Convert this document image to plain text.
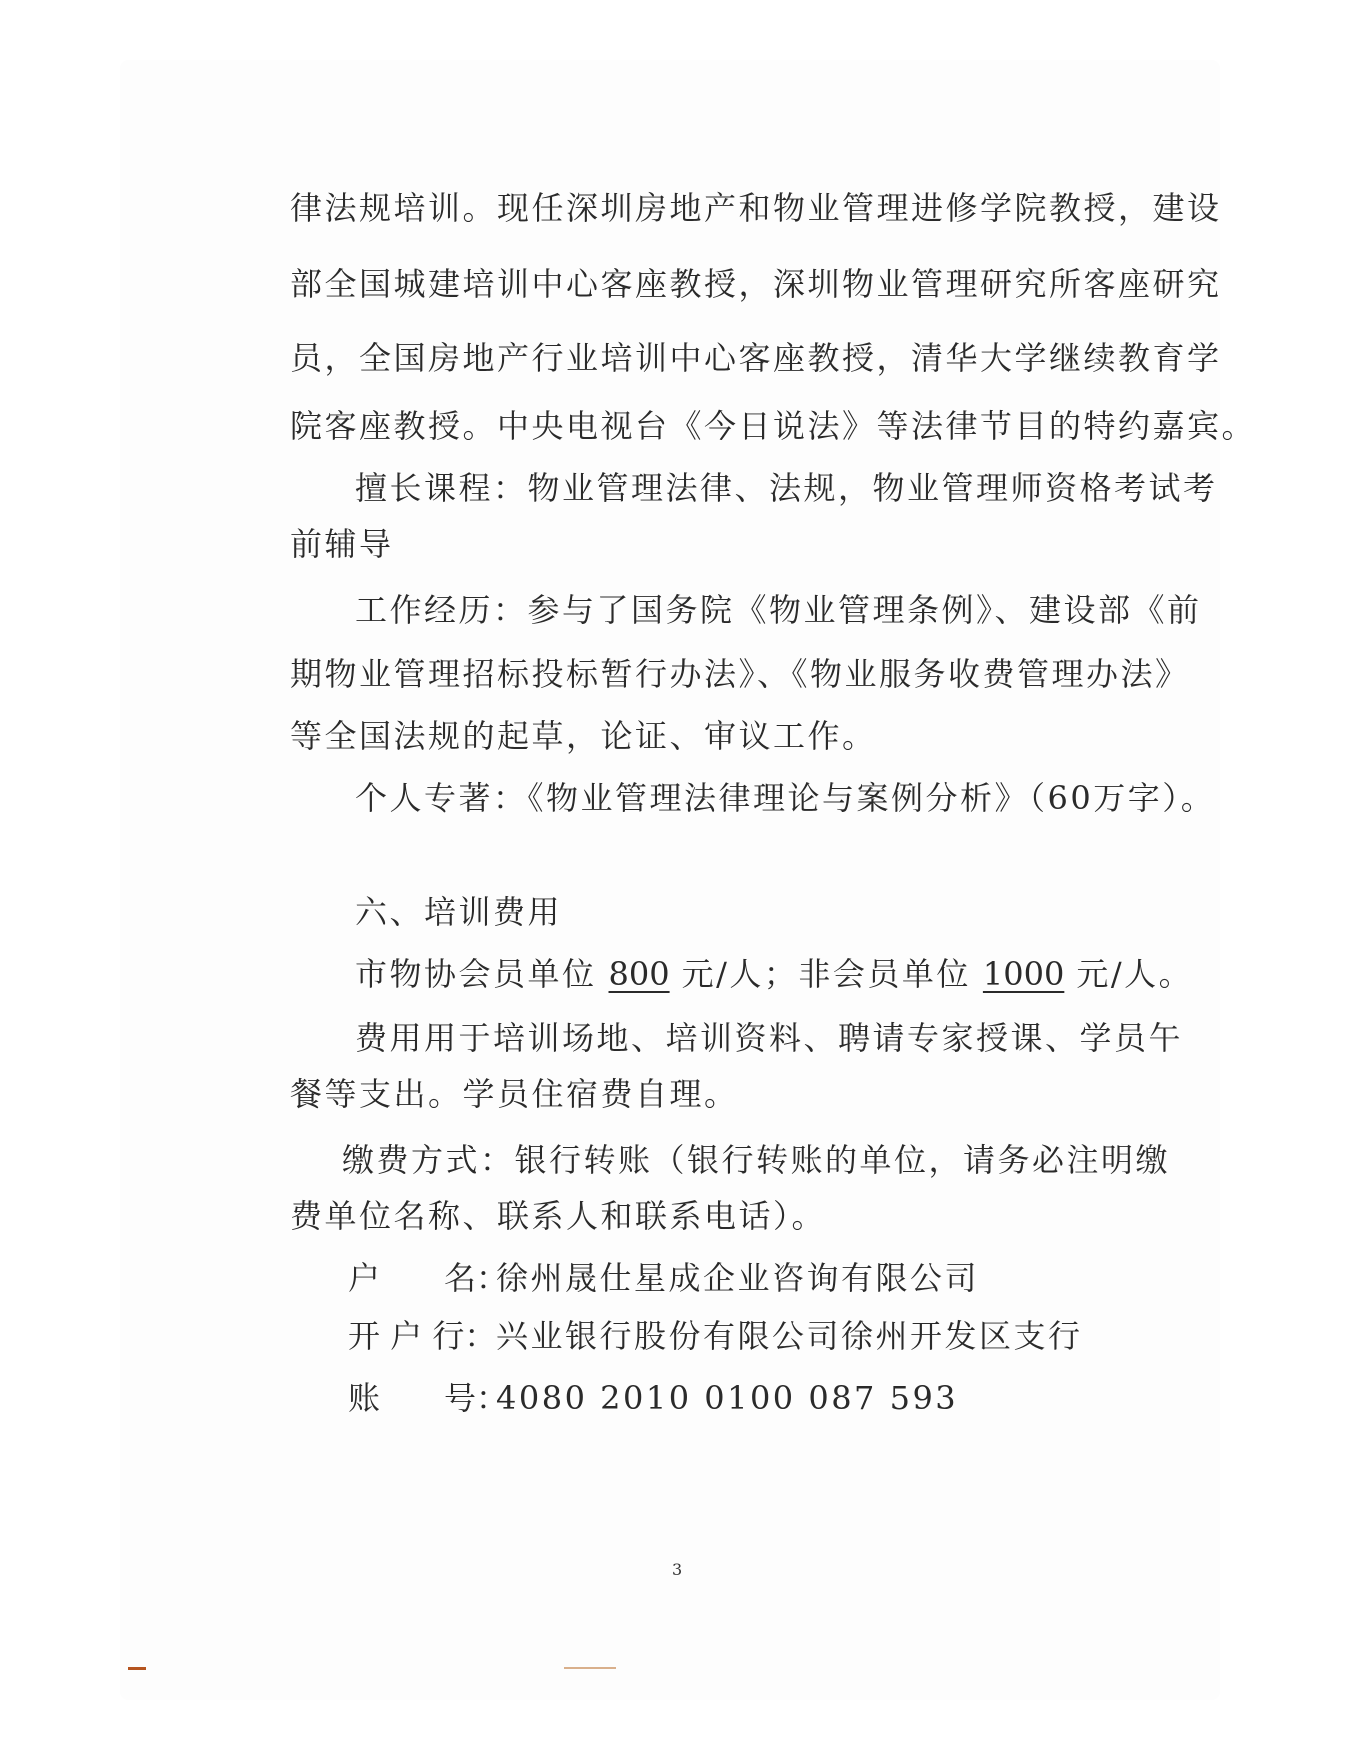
律法规培训。现任深圳房地产和物业管理进修学院教授，建设
部全国城建培训中心客座教授，深圳物业管理研究所客座研究
员，全国房地产行业培训中心客座教授，清华大学继续教育学
院客座教授。中央电视台《今日说法》等法律节目的特约嘉宾。
擅长课程：物业管理法律、法规，物业管理师资格考试考
前辅导
工作经历：参与了国务院《物业管理条例》、建设部《前
期物业管理招标投标暂行办法》、《物业服务收费管理办法》
等全国法规的起草，论证、审议工作。
个人专著：《物业管理法律理论与案例分析》（60万字）。
六、培训费用
市物协会员单位 800 元/人；非会员单位 1000 元/人。
费用用于培训场地、培训资料、聘请专家授课、学员午
餐等支出。学员住宿费自理。
缴费方式：银行转账（银行转账的单位，请务必注明缴
费单位名称、联系人和联系电话）。
户　　名：徐州晟仕星成企业咨询有限公司
开 户 行：兴业银行股份有限公司徐州开发区支行
账　　号：4080 2010 0100 087 593
3
